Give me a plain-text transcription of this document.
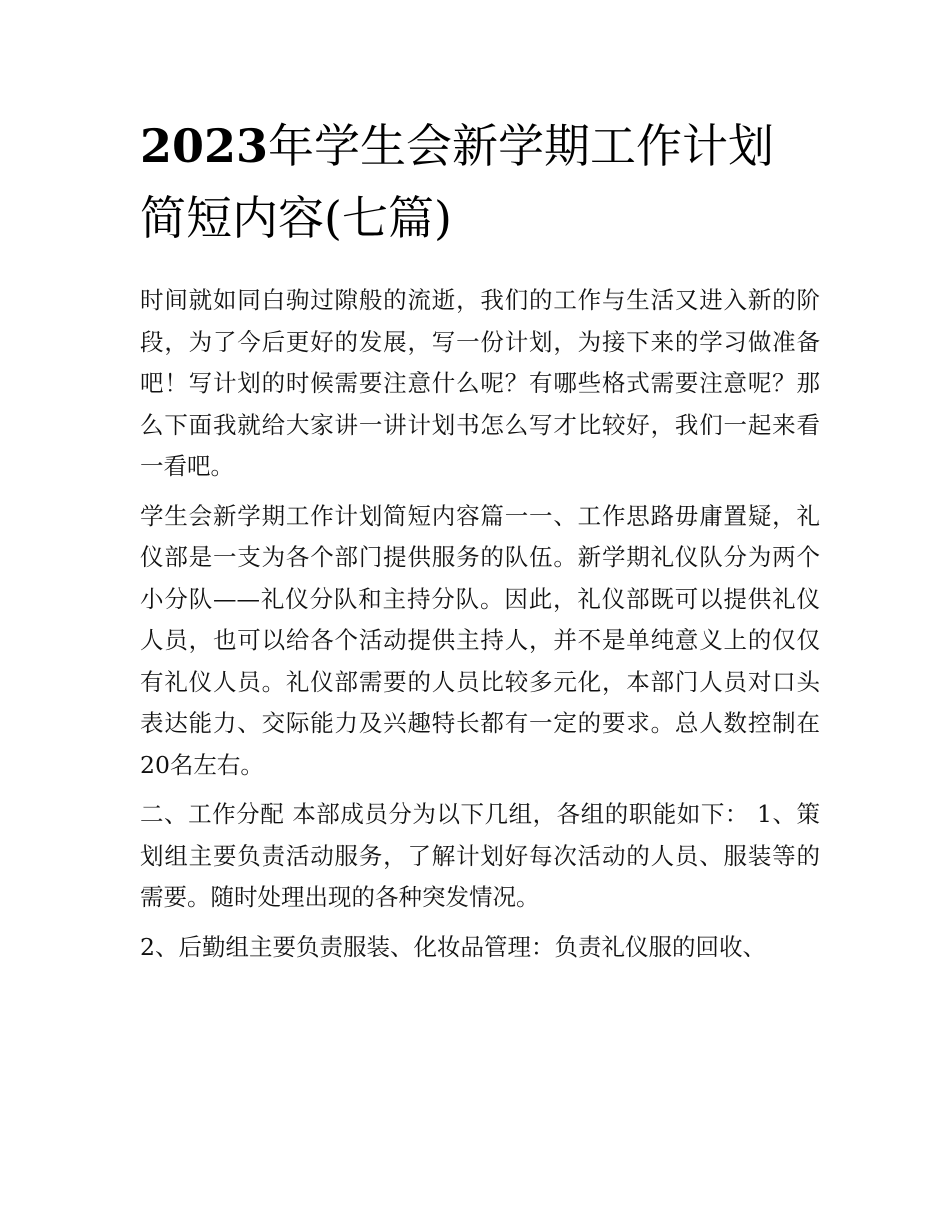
2023年学生会新学期工作计划简短内容(七篇)

时间就如同白驹过隙般的流逝，我们的工作与生活又进入新的阶段，为了今后更好的发展，写一份计划，为接下来的学习做准备吧！写计划的时候需要注意什么呢？有哪些格式需要注意呢？那么下面我就给大家讲一讲计划书怎么写才比较好，我们一起来看一看吧。

学生会新学期工作计划简短内容篇一一、工作思路毋庸置疑，礼仪部是一支为各个部门提供服务的队伍。新学期礼仪队分为两个小分队——礼仪分队和主持分队。因此，礼仪部既可以提供礼仪人员，也可以给各个活动提供主持人，并不是单纯意义上的仅仅有礼仪人员。礼仪部需要的人员比较多元化，本部门人员对口头表达能力、交际能力及兴趣特长都有一定的要求。总人数控制在20名左右。

二、工作分配 本部成员分为以下几组，各组的职能如下： 1、策划组主要负责活动服务，了解计划好每次活动的人员、服装等的需要。随时处理出现的各种突发情况。

2、后勤组主要负责服装、化妆品管理：负责礼仪服的回收、
